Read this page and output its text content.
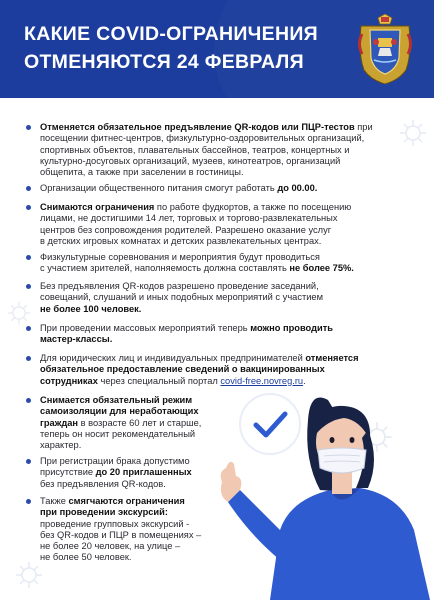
КАКИЕ COVID-ОГРАНИЧЕНИЯ
ОТМЕНЯЮТСЯ 24 ФЕВРАЛЯ
Отменяется обязательное предъявление QR-кодов или ПЦР-тестов при
посещении фитнес-центров, физкультурно-оздоровительных организаций,
спортивных объектов, плавательных бассейнов, театров, концертных и
культурно-досуговых организаций, музеев, кинотеатров, организаций
общепита, а также при заселении в гостиницы.
Организации общественного питания смогут работать до 00.00.
Снимаются ограничения по работе фудкортов, а также по посещению
лицами, не достигшими 14 лет, торговых и торгово-развлекательных
центров без сопровождения родителей. Разрешено оказание услуг
в детских игровых комнатах и детских развлекательных центрах.
Физкультурные соревнования и мероприятия будут проводиться
с участием зрителей, наполняемость должна составлять не более 75%.
Без предъявления QR-кодов разрешено проведение заседаний,
совещаний, слушаний и иных подобных мероприятий с участием
не более 100 человек.
При проведении массовых мероприятий теперь можно проводить
мастер-классы.
Для юридических лиц и индивидуальных предпринимателей отменяется
обязательное предоставление сведений о вакцинированных
сотрудниках через специальный портал covid-free.novreg.ru.
Снимается обязательный режим
самоизоляции для неработающих
граждан в возрасте 60 лет и старше,
теперь он носит рекомендательный
характер.
При регистрации брака допустимо
присутствие до 20 приглашенных
без предъявления QR-кодов.
Также смягчаются ограничения
при проведении экскурсий:
проведение групповых экскурсий -
без QR-кодов и ПЦР в помещениях –
не более 20 человек, на улице –
не более 50 человек.
